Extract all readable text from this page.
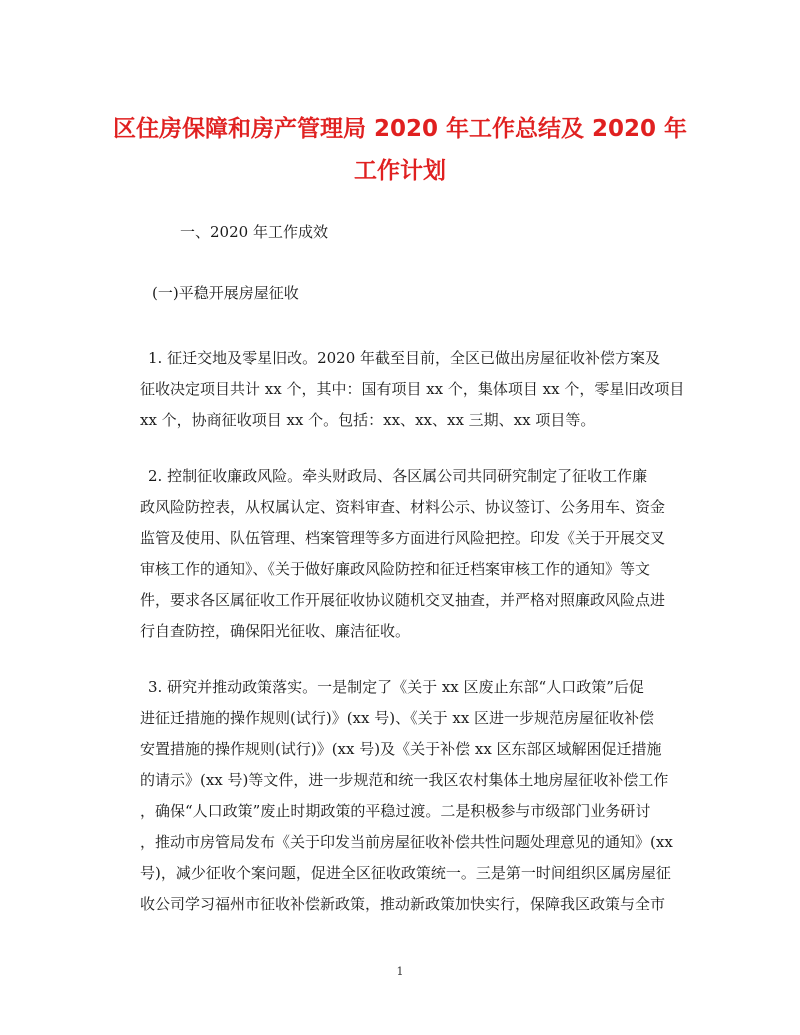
区住房保障和房产管理局 2020 年工作总结及 2020 年
工作计划

一、2020 年工作成效

(一)平稳开展房屋征收

1. 征迁交地及零星旧改。2020 年截至目前，全区已做出房屋征收补偿方案及
征收决定项目共计 xx 个，其中：国有项目 xx 个，集体项目 xx 个，零星旧改项目
xx 个，协商征收项目 xx 个。包括：xx、xx、xx 三期、xx 项目等。
2. 控制征收廉政风险。牵头财政局、各区属公司共同研究制定了征收工作廉
政风险防控表，从权属认定、资料审查、材料公示、协议签订、公务用车、资金
监管及使用、队伍管理、档案管理等多方面进行风险把控。印发《关于开展交叉
审核工作的通知》、《关于做好廉政风险防控和征迁档案审核工作的通知》等文
件，要求各区属征收工作开展征收协议随机交叉抽查，并严格对照廉政风险点进
行自查防控，确保阳光征收、廉洁征收。
3. 研究并推动政策落实。一是制定了《关于 xx 区废止东部“人口政策”后促
进征迁措施的操作规则(试行)》(xx 号)、《关于 xx 区进一步规范房屋征收补偿
安置措施的操作规则(试行)》(xx 号)及《关于补偿 xx 区东部区域解困促迁措施
的请示》(xx 号)等文件，进一步规范和统一我区农村集体土地房屋征收补偿工作
，确保“人口政策”废止时期政策的平稳过渡。二是积极参与市级部门业务研讨
，推动市房管局发布《关于印发当前房屋征收补偿共性问题处理意见的通知》(xx
号)，减少征收个案问题，促进全区征收政策统一。三是第一时间组织区属房屋征
收公司学习福州市征收补偿新政策，推动新政策加快实行，保障我区政策与全市
1
